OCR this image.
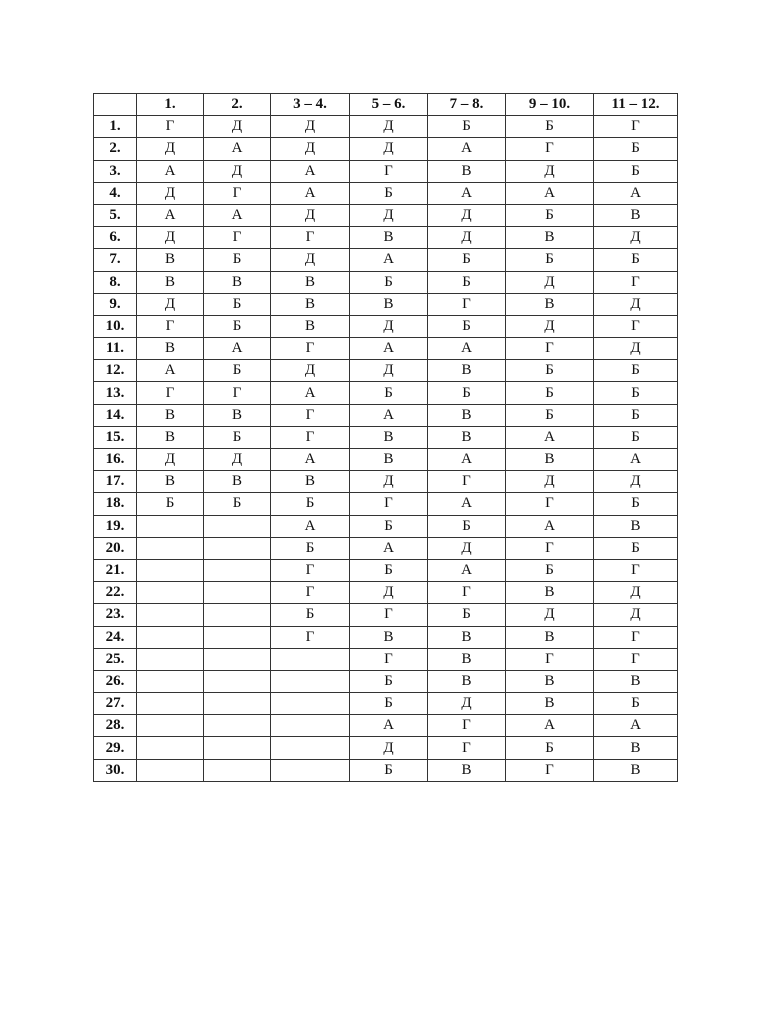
	1.	2.	3 – 4.	5 – 6.	7 – 8.	9 – 10.	11 – 12.
1.	Г	Д	Д	Д	Б	Б	Г
2.	Д	А	Д	Д	А	Г	Б
3.	А	Д	А	Г	В	Д	Б
4.	Д	Г	А	Б	А	А	А
5.	А	А	Д	Д	Д	Б	В
6.	Д	Г	Г	В	Д	В	Д
7.	В	Б	Д	А	Б	Б	Б
8.	В	В	В	Б	Б	Д	Г
9.	Д	Б	В	В	Г	В	Д
10.	Г	Б	В	Д	Б	Д	Г
11.	В	А	Г	А	А	Г	Д
12.	А	Б	Д	Д	В	Б	Б
13.	Г	Г	А	Б	Б	Б	Б
14.	В	В	Г	А	В	Б	Б
15.	В	Б	Г	В	В	А	Б
16.	Д	Д	А	В	А	В	А
17.	В	В	В	Д	Г	Д	Д
18.	Б	Б	Б	Г	А	Г	Б
19.			А	Б	Б	А	В
20.			Б	А	Д	Г	Б
21.			Г	Б	А	Б	Г
22.			Г	Д	Г	В	Д
23.			Б	Г	Б	Д	Д
24.			Г	В	В	В	Г
25.				Г	В	Г	Г
26.				Б	В	В	В
27.				Б	Д	В	Б
28.				А	Г	А	А
29.				Д	Г	Б	В
30.				Б	В	Г	В
